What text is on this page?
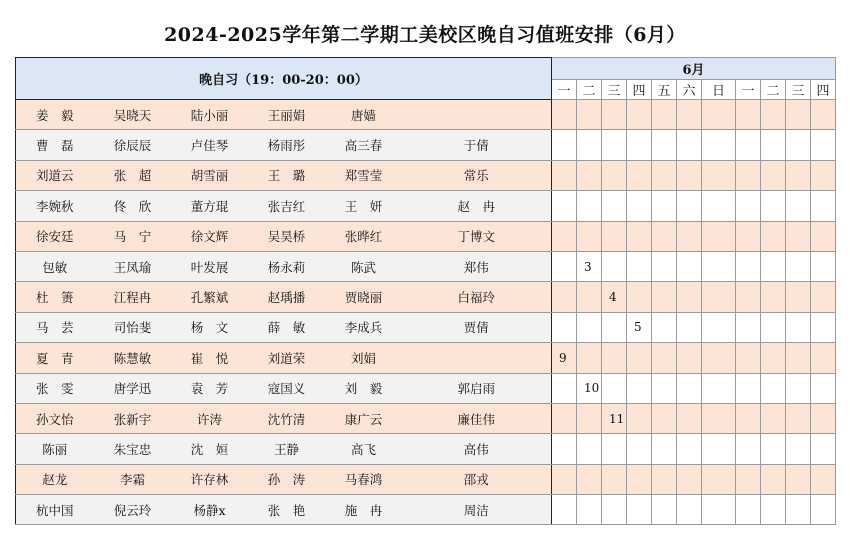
2024-2025学年第二学期工美校区晚自习值班安排（6月）
晚自习（19：00-20：00）						6月										
						一	二	三	四	五	六	日	一	二	三	四
姜　毅	吴晓天	陆小丽	王丽娟	唐嫱												
曹　磊	徐辰辰	卢佳琴	杨雨彤	高三春	于倩											
刘道云	张　超	胡雪丽	王　璐	郑雪莹	常乐											
李婉秋	佟　欣	董方琨	张吉红	王　妍	赵　冉											
徐安廷	马　宁	徐文辉	吴昊桥	张晔红	丁博文											
包敏	王凤瑜	叶发展	杨永莉	陈武	郑伟		3									
杜　箦	江程冉	孔繁斌	赵瑀播	贾晓丽	白福玲			4								
马　芸	司怡斐	杨　文	薛　敏	李成兵	贾倩				5							
夏　青	陈慧敏	崔　悦	刘道荣	刘娟		9										
张　雯	唐学迅	袁　芳	寇国义	刘　毅	郭启雨		10									
孙文怡	张新宇	许涛	沈竹清	康广云	廉佳伟			11								
陈丽	朱宝忠	沈　姮	王静	高飞	高伟											
赵龙	李霜	许存林	孙　涛	马春鸿	邵戎											
杭中国	倪云玲	杨静x	张　艳	施　冉	周洁											
